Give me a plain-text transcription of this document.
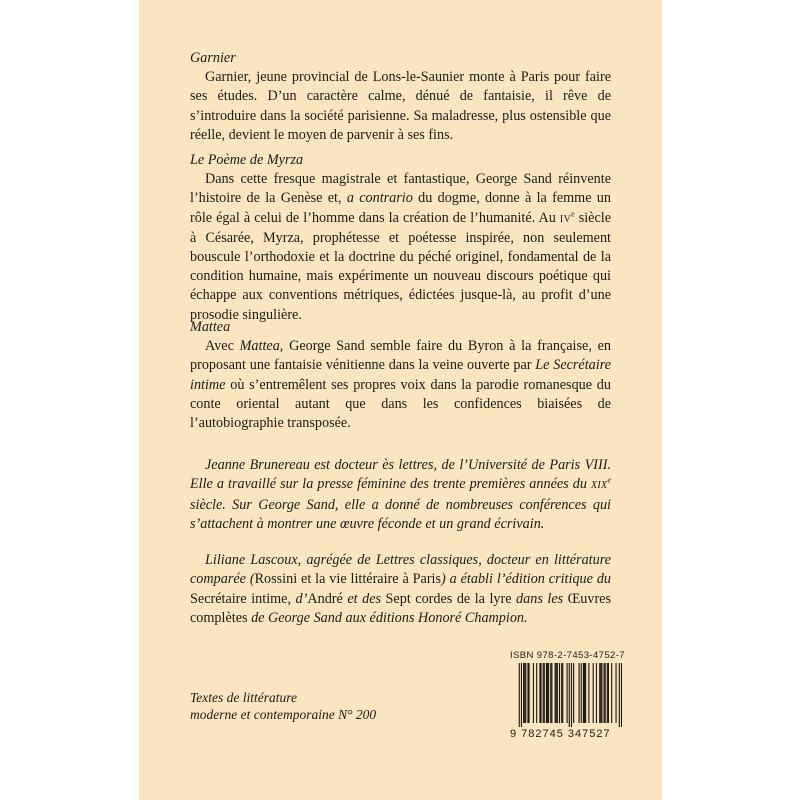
Garnier

Garnier, jeune provincial de Lons-le-Saunier monte à Paris pour faire ses études. D’un caractère calme, dénué de fantaisie, il rêve de s’introduire dans la société parisienne. Sa maladresse, plus ostensible que réelle, devient le moyen de parvenir à ses fins.

Le Poème de Myrza

Dans cette fresque magistrale et fantastique, George Sand réinvente l’histoire de la Genèse et, a contrario du dogme, donne à la femme un rôle égal à celui de l’homme dans la création de l’humanité. Au IVe siècle à Césarée, Myrza, prophétesse et poétesse inspirée, non seulement bouscule l’orthodoxie et la doctrine du péché originel, fondamental de la condition humaine, mais expérimente un nouveau discours poétique qui échappe aux conventions métriques, édictées jusque-là, au profit d’une prosodie singulière.

Mattea

Avec Mattea, George Sand semble faire du Byron à la française, en proposant une fantaisie vénitienne dans la veine ouverte par Le Secrétaire intime où s’entremêlent ses propres voix dans la parodie romanesque du conte oriental autant que dans les confidences biaisées de l’autobiographie transposée.

Jeanne Brunereau est docteur ès lettres, de l’Université de Paris VIII. Elle a travaillé sur la presse féminine des trente premières années du XIXe siècle. Sur George Sand, elle a donné de nombreuses conférences qui s’attachent à montrer une œuvre féconde et un grand écrivain.

Liliane Lascoux, agrégée de Lettres classiques, docteur en littérature comparée (Rossini et la vie littéraire à Paris) a établi l’édition critique du Secrétaire intime, d’André et des Sept cordes de la lyre dans les Œuvres complètes de George Sand aux éditions Honoré Champion.

Textes de littérature
moderne et contemporaine N° 200
ISBN 978-2-7453-4752-7
9 782745 347527
